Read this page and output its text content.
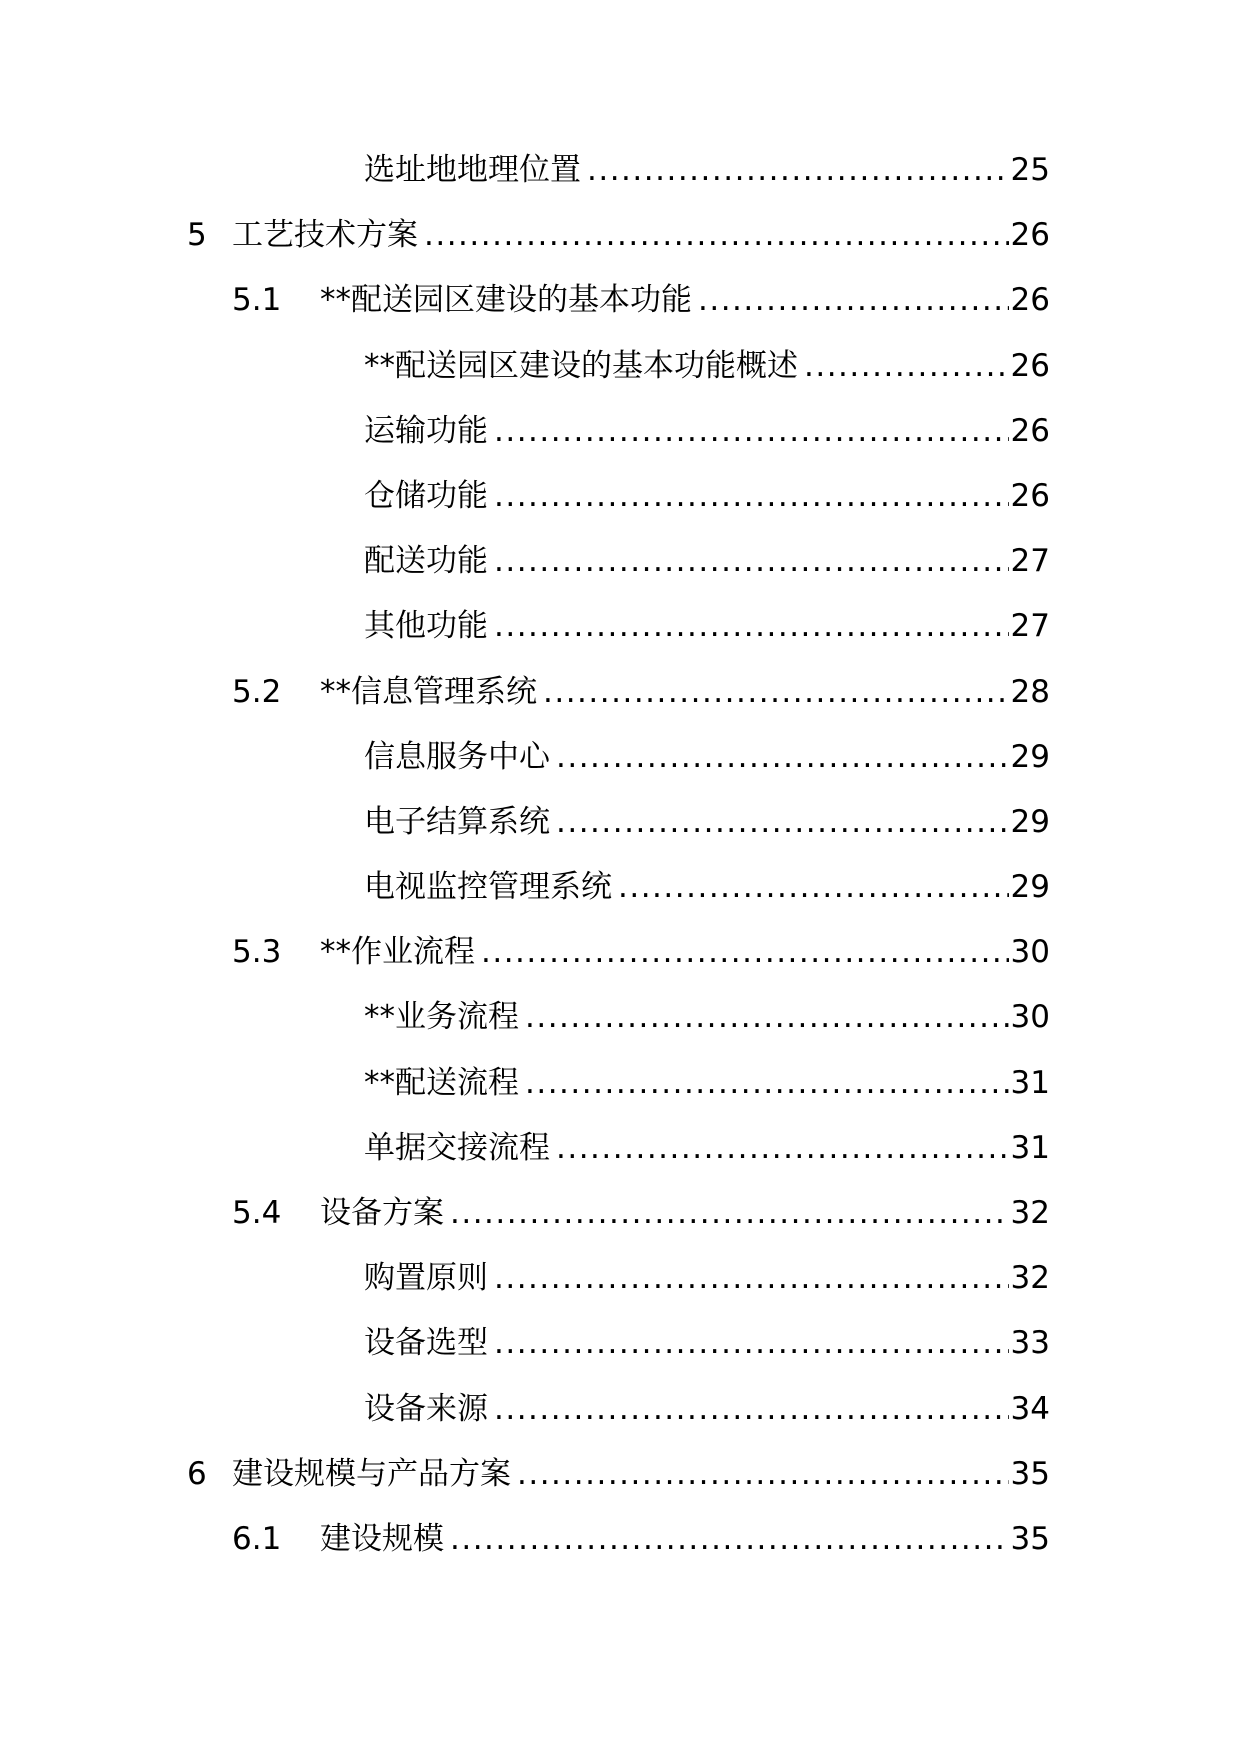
选址地地理位置 .....	25
5 工艺技术方案 .....	26
5.1 **配送园区建设的基本功能 .....	26
**配送园区建设的基本功能概述 .....	26
运输功能 .....	26
仓储功能 .....	26
配送功能 .....	27
其他功能 .....	27
5.2 **信息管理系统 .....	28
信息服务中心 .....	29
电子结算系统 .....	29
电视监控管理系统 .....	29
5.3 **作业流程 .....	30
**业务流程 .....	30
**配送流程 .....	31
单据交接流程 .....	31
5.4 设备方案 .....	32
购置原则 .....	32
设备选型 .....	33
设备来源 .....	34
6 建设规模与产品方案 .....	35
6.1 建设规模 .....	35
